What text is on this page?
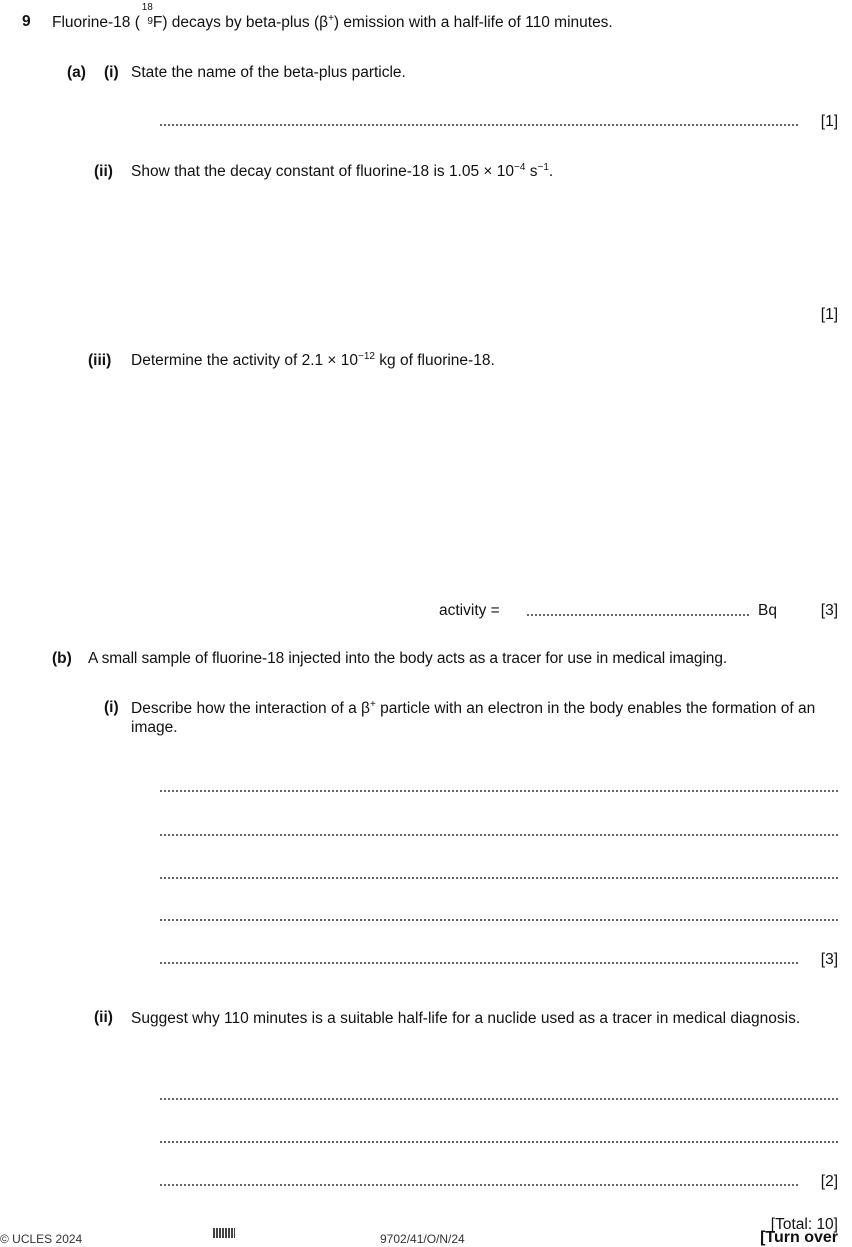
9 Fluorine-18 (
18
9 F) decays by beta-plus (β+) emission with a half-life of 110 minutes.
(a) (i) State the name of the beta-plus particle.
[1]
(ii) Show that the decay constant of fluorine-18 is $1.05 \times 10^{-4}$ $s^{-1}$.
[1]
(iii) Determine the activity of $2.1 \times 10^{-12}$ kg of fluorine-18.
activity =	Bq	[3]
(b) A small sample of fluorine-18 injected into the body acts as a tracer for use in medical imaging.
(i) Describe how the interaction of a β+ particle with an electron in the body enables the formation of an image.
[3]
(ii) Suggest why 110 minutes is a suitable half-life for a nuclide used as a tracer in medical diagnosis.
[2]
[Total: 10]
© UCLES 2024	9702/41/O/N/24	[Turn over
